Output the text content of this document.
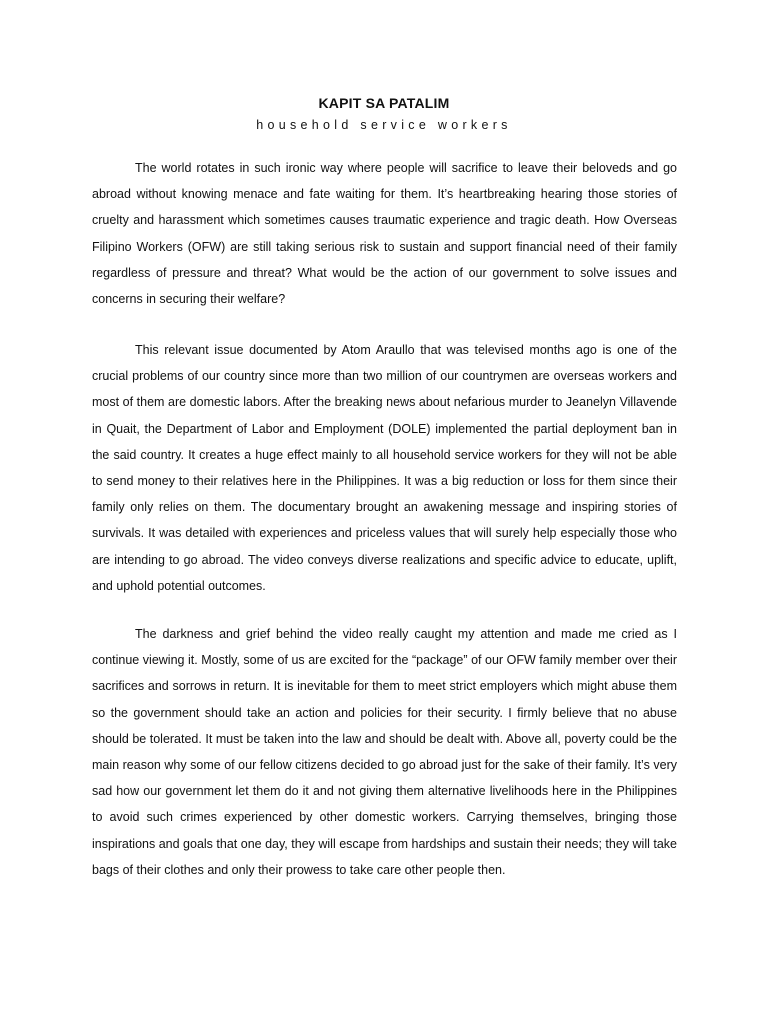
KAPIT SA PATALIM
household service workers

The world rotates in such ironic way where people will sacrifice to leave their beloveds and go abroad without knowing menace and fate waiting for them. It’s heartbreaking hearing those stories of cruelty and harassment which sometimes causes traumatic experience and tragic death. How Overseas Filipino Workers (OFW) are still taking serious risk to sustain and support financial need of their family regardless of pressure and threat? What would be the action of our government to solve issues and concerns in securing their welfare?

This relevant issue documented by Atom Araullo that was televised months ago is one of the crucial problems of our country since more than two million of our countrymen are overseas workers and most of them are domestic labors. After the breaking news about nefarious murder to Jeanelyn Villavende in Quait, the Department of Labor and Employment (DOLE) implemented the partial deployment ban in the said country. It creates a huge effect mainly to all household service workers for they will not be able to send money to their relatives here in the Philippines. It was a big reduction or loss for them since their family only relies on them. The documentary brought an awakening message and inspiring stories of survivals. It was detailed with experiences and priceless values that will surely help especially those who are intending to go abroad. The video conveys diverse realizations and specific advice to educate, uplift, and uphold potential outcomes.

The darkness and grief behind the video really caught my attention and made me cried as I continue viewing it. Mostly, some of us are excited for the “package” of our OFW family member over their sacrifices and sorrows in return. It is inevitable for them to meet strict employers which might abuse them so the government should take an action and policies for their security. I firmly believe that no abuse should be tolerated. It must be taken into the law and should be dealt with. Above all, poverty could be the main reason why some of our fellow citizens decided to go abroad just for the sake of their family. It’s very sad how our government let them do it and not giving them alternative livelihoods here in the Philippines to avoid such crimes experienced by other domestic workers. Carrying themselves, bringing those inspirations and goals that one day, they will escape from hardships and sustain their needs; they will take bags of their clothes and only their prowess to take care other people then.
